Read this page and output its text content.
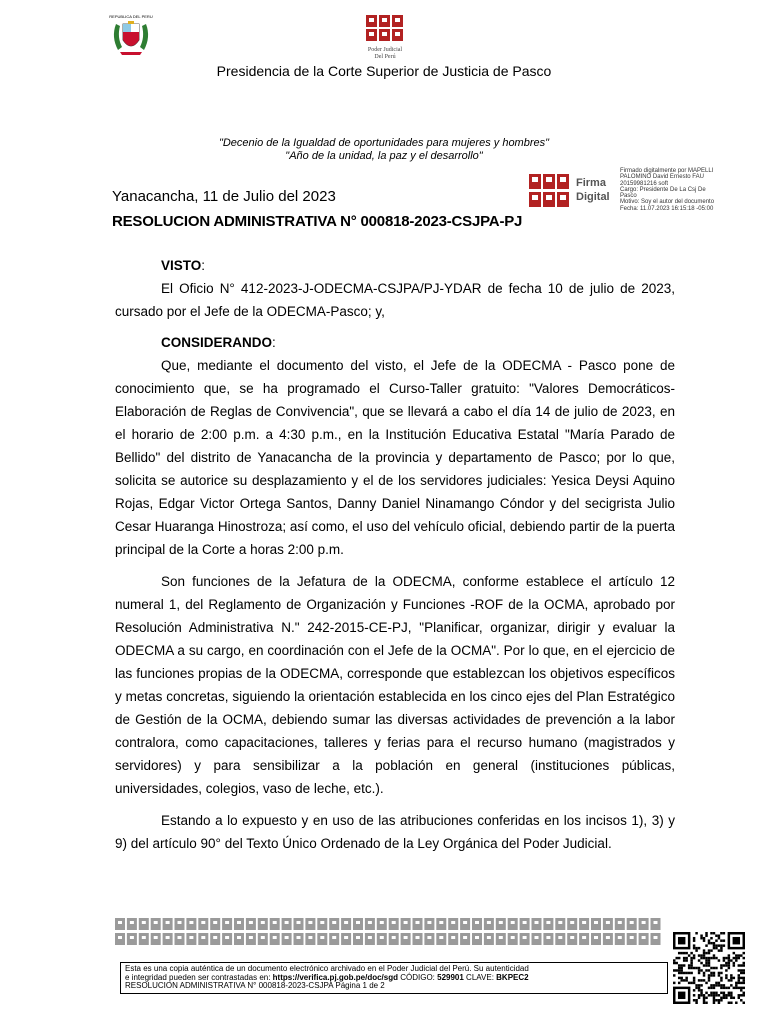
REPUBLICA DEL PERU
Poder Judicial
Del Perú
Presidencia de la Corte Superior de Justicia de Pasco
"Decenio de la Igualdad de oportunidades para mujeres y hombres"
"Año de la unidad, la paz y el desarrollo"
Yanacancha, 11 de Julio del 2023
RESOLUCION ADMINISTRATIVA N° 000818-2023-CSJPA-PJ
Firma
Digital
Firmado digitalmente por MAPELLI
PALOMINO David Ernesto FAU
20159981216 soft
Cargo: Presidente De La Csj De
Pasco
Motivo: Soy el autor del documento
Fecha: 11.07.2023 16:15:18 -05:00

VISTO:

El Oficio N° 412-2023-J-ODECMA-CSJPA/PJ-YDAR de fecha 10 de julio de 2023, cursado por el Jefe de la ODECMA-Pasco; y,

CONSIDERANDO:

Que, mediante el documento del visto, el Jefe de la ODECMA - Pasco pone de conocimiento que, se ha programado el Curso-Taller gratuito: "Valores Democráticos-Elaboración de Reglas de Convivencia", que se llevará a cabo el día 14 de julio de 2023, en el horario de 2:00 p.m. a 4:30 p.m., en la Institución Educativa Estatal "María Parado de Bellido" del distrito de Yanacancha de la provincia y departamento de Pasco; por lo que, solicita se autorice su desplazamiento y el de los servidores judiciales: Yesica Deysi Aquino Rojas, Edgar Victor Ortega Santos, Danny Daniel Ninamango Cóndor y del secigrista Julio Cesar Huaranga Hinostroza; así como, el uso del vehículo oficial, debiendo partir de la puerta principal de la Corte a horas 2:00 p.m.

Son funciones de la Jefatura de la ODECMA, conforme establece el artículo 12 numeral 1, del Reglamento de Organización y Funciones -ROF de la OCMA, aprobado por Resolución Administrativa N." 242-2015-CE-PJ, "Planificar, organizar, dirigir y evaluar la ODECMA a su cargo, en coordinación con el Jefe de la OCMA". Por lo que, en el ejercicio de las funciones propias de la ODECMA, corresponde que establezcan los objetivos específicos y metas concretas, siguiendo la orientación establecida en los cinco ejes del Plan Estratégico de Gestión de la OCMA, debiendo sumar las diversas actividades de prevención a la labor contralora, como capacitaciones, talleres y ferias para el recurso humano (magistrados y servidores) y para sensibilizar a la población en general (instituciones públicas, universidades, colegios, vaso de leche, etc.).

Estando a lo expuesto y en uso de las atribuciones conferidas en los incisos 1), 3) y 9) del artículo 90° del Texto Único Ordenado de la Ley Orgánica del Poder Judicial.

Esta es una copia auténtica de un documento electrónico archivado en el Poder Judicial del Perú. Su autenticidad
e integridad pueden ser contrastadas en: https://verifica.pj.gob.pe/doc/sgd CÓDIGO: 529901 CLAVE: BKPEC2
RESOLUCION ADMINISTRATIVA N° 000818-2023-CSJPA Página 1 de 2
